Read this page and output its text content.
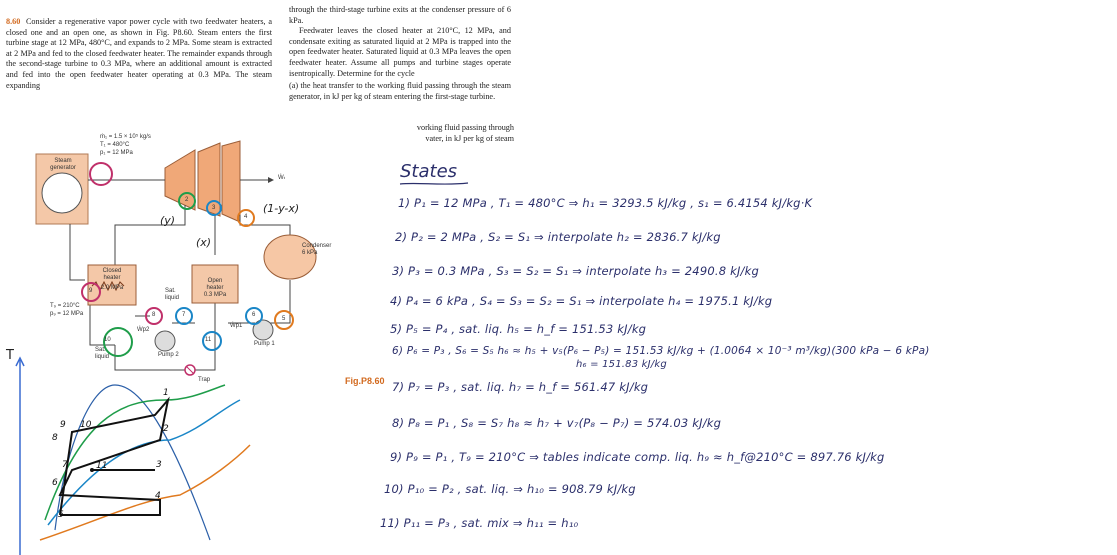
8.60 Consider a regenerative vapor power cycle with two feedwater heaters, a closed one and an open one, as shown in Fig. P8.60. Steam enters the first turbine stage at 12 MPa, 480°C, and expands to 2 MPa. Some steam is extracted at 2 MPa and fed to the closed feedwater heater. The remainder expands through the second-stage turbine to 0.3 MPa, where an additional amount is extracted and fed into the open feedwater heater operating at 0.3 MPa. The steam expanding

through the third-stage turbine exits at the condenser pressure of 6 kPa.

Feedwater leaves the closed heater at 210°C, 12 MPa, and condensate exiting as saturated liquid at 2 MPa is trapped into the open feedwater heater. Saturated liquid at 0.3 MPa leaves the open feedwater heater. Assume all pumps and turbine stages operate isentropically. Determine for the cycle

(a) the heat transfer to the working fluid passing through the steam generator, in kJ per kg of steam entering the first-stage turbine.

vorking fluid passing through
vater, in kJ per kg of steam
ṁ₁ = 1.5 × 10⁵ kg/s
T₁ = 480°C
p₁ = 12 MPa
Steam
generator
Ẇₜ
Condenser
6 kPa
Closed
heater
2.0 MPa
Open
heater
0.3 MPa
Sat.
liquid
Sat.
liquid
T₉ = 210°C
p₉ = 12 MPa
Pump 2
Pump 1
Trap
Ẇp2
Ẇp1
2
3
4
5
6
7
8
9
10	11
(y)
(1-y-x)
(x)
Fig.P8.60
T
1
2
3
4
5
6
7
8
9 10
11
States
1) P₁ = 12 MPa , T₁ = 480°C ⇒ h₁ = 3293.5 kJ/kg , s₁ = 6.4154 kJ/kg·K
2) P₂ = 2 MPa , S₂ = S₁ ⇒ interpolate h₂ = 2836.7 kJ/kg
3) P₃ = 0.3 MPa , S₃ = S₂ = S₁ ⇒ interpolate h₃ = 2490.8 kJ/kg
4) P₄ = 6 kPa , S₄ = S₃ = S₂ = S₁ ⇒ interpolate h₄ = 1975.1 kJ/kg
5) P₅ = P₄ , sat. liq. h₅ = h_f = 151.53 kJ/kg
6) P₆ = P₃ , S₆ = S₅ h₆ ≈ h₅ + v₅(P₆ − P₅) = 151.53 kJ/kg + (1.0064 × 10⁻³ m³/kg)(300 kPa − 6 kPa)
h₆ = 151.83 kJ/kg
7) P₇ = P₃ , sat. liq. h₇ = h_f = 561.47 kJ/kg
8) P₈ = P₁ , S₈ = S₇ h₈ ≈ h₇ + v₇(P₈ − P₇) = 574.03 kJ/kg
9) P₉ = P₁ , T₉ = 210°C ⇒ tables indicate comp. liq. h₉ ≈ h_f@210°C = 897.76 kJ/kg
10) P₁₀ = P₂ , sat. liq. ⇒ h₁₀ = 908.79 kJ/kg
11) P₁₁ = P₃ , sat. mix ⇒ h₁₁ = h₁₀
